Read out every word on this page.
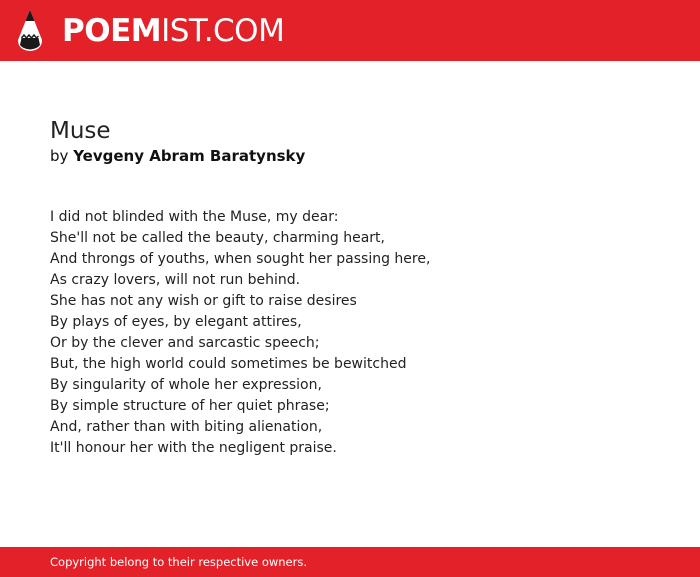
POEMIST.COM
Muse
by Yevgeny Abram Baratynsky
I did not blinded with the Muse, my dear:
She'll not be called the beauty, charming heart,
And throngs of youths, when sought her passing here,
As crazy lovers, will not run behind.
She has not any wish or gift to raise desires
By plays of eyes, by elegant attires,
Or by the clever and sarcastic speech;
But, the high world could sometimes be bewitched
By singularity of whole her expression,
By simple structure of her quiet phrase;
And, rather than with biting alienation,
It'll honour her with the negligent praise.
Copyright belong to their respective owners.
